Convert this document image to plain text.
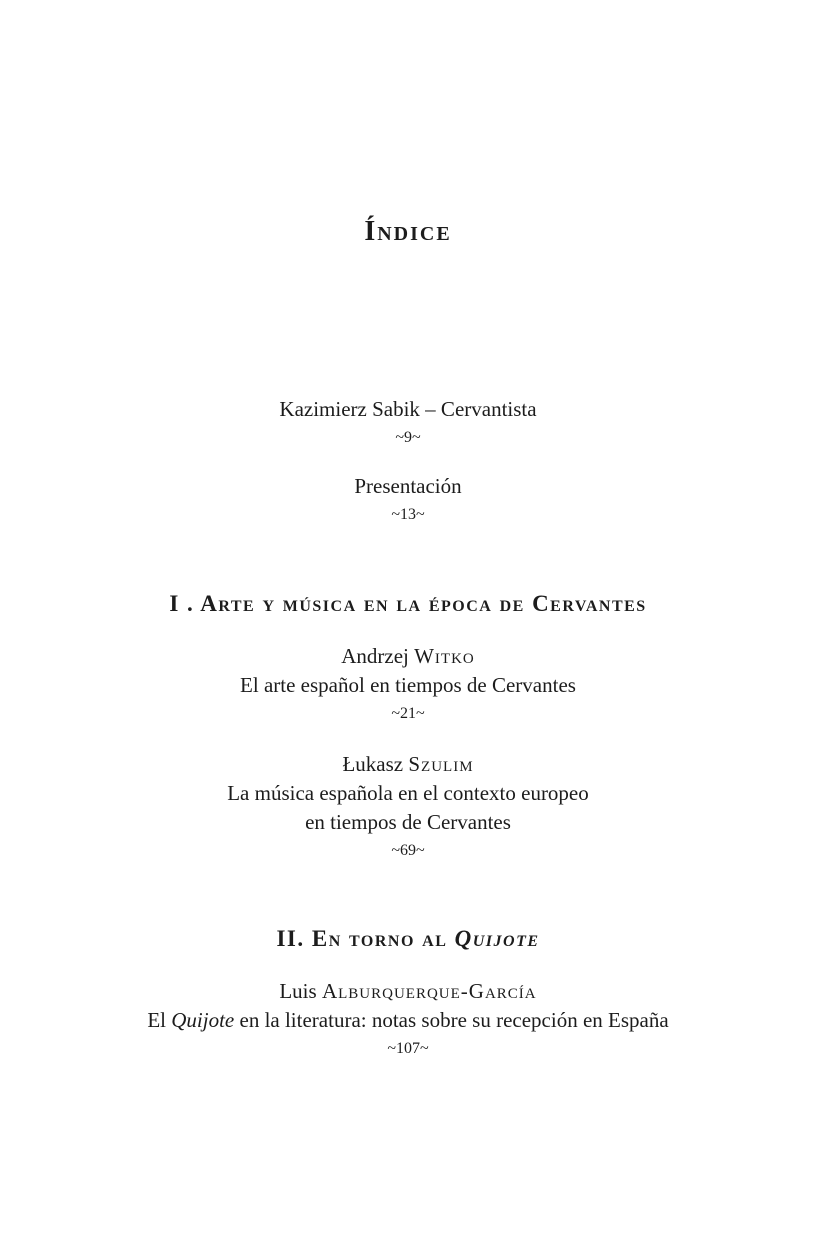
Índice
Kazimierz Sabik – Cervantista
~9~
Presentación
~13~
I . Arte y música en la época de Cervantes
Andrzej Witko
El arte español en tiempos de Cervantes
~21~
Łukasz Szulim
La música española en el contexto europeo
en tiempos de Cervantes
~69~
II. En torno al Quijote
Luis Alburquerque-García
El Quijote en la literatura: notas sobre su recepción en España
~107~
